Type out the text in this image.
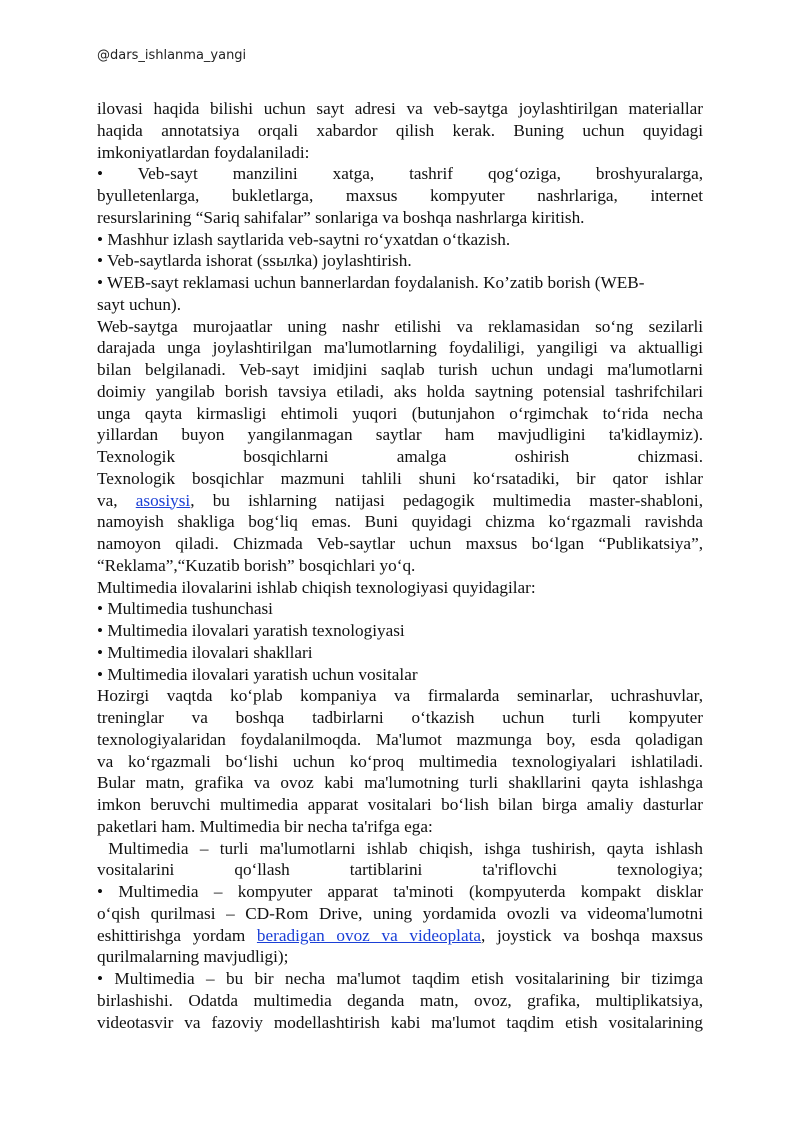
@dars_ishlanma_yangi

ilovasi haqida bilishi uchun sayt adresi va veb-saytga joylashtirilgan materiallar

haqida annotatsiya orqali xabardor qilish kerak. Buning uchun quyidagi

imkoniyatlardan foydalaniladi:

• Veb-sayt manzilini xatga, tashrif qog‘oziga, broshyuralarga,

byulletenlarga, bukletlarga, maxsus kompyuter nashrlariga, internet

resurslarining “Sariq sahifalar” sonlariga va boshqa nashrlarga kiritish.

• Mashhur izlash saytlarida veb-saytni ro‘yxatdan o‘tkazish.

• Veb-saytlarda ishorat (ssылka) joylashtirish.

• WEB-sayt reklamasi uchun bannerlardan foydalanish. Ko’zatib borish (WEB-

sayt uchun).

Web-saytga murojaatlar uning nashr etilishi va reklamasidan so‘ng sezilarli

darajada unga joylashtirilgan ma'lumotlarning foydaliligi, yangiligi va aktualligi

bilan belgilanadi. Veb-sayt imidjini saqlab turish uchun undagi ma'lumotlarni

doimiy yangilab borish tavsiya etiladi, aks holda saytning potensial tashrifchilari

unga qayta kirmasligi ehtimoli yuqori (butunjahon o‘rgimchak to‘rida necha

yillardan buyon yangilanmagan saytlar ham mavjudligini ta'kidlaymiz).

Texnologik bosqichlarni amalga oshirish chizmasi.

Texnologik bosqichlar mazmuni tahlili shuni ko‘rsatadiki, bir qator ishlar

va, asosiysi, bu ishlarning natijasi pedagogik multimedia master-shabloni,

namoyish shakliga bog‘liq emas. Buni quyidagi chizma ko‘rgazmali ravishda

namoyon qiladi. Chizmada Veb-saytlar uchun maxsus bo‘lgan “Publikatsiya”,

“Reklama”,“Kuzatib borish” bosqichlari yo‘q.

Multimedia ilovalarini ishlab chiqish texnologiyasi quyidagilar:

• Multimedia tushunchasi

• Multimedia ilovalari yaratish texnologiyasi

• Multimedia ilovalari shakllari

• Multimedia ilovalari yaratish uchun vositalar

Hozirgi vaqtda ko‘plab kompaniya va firmalarda seminarlar, uchrashuvlar,

treninglar va boshqa tadbirlarni o‘tkazish uchun turli kompyuter

texnologiyalaridan foydalanilmoqda. Ma'lumot mazmunga boy, esda qoladigan

va ko‘rgazmali bo‘lishi uchun ko‘proq multimedia texnologiyalari ishlatiladi.

Bular matn, grafika va ovoz kabi ma'lumotning turli shakllarini qayta ishlashga

imkon beruvchi multimedia apparat vositalari bo‘lish bilan birga amaliy dasturlar

paketlari ham. Multimedia bir necha ta'rifga ega:

Multimedia – turli ma'lumotlarni ishlab chiqish, ishga tushirish, qayta ishlash

vositalarini qo‘llash tartiblarini ta'riflovchi texnologiya;

• Multimedia – kompyuter apparat ta'minoti (kompyuterda kompakt disklar

o‘qish qurilmasi – CD-Rom Drive, uning yordamida ovozli va videoma'lumotni

eshittirishga yordam beradigan ovoz va videoplata, joystick va boshqa maxsus

qurilmalarning mavjudligi);

• Multimedia – bu bir necha ma'lumot taqdim etish vositalarining bir tizimga

birlashishi. Odatda multimedia deganda matn, ovoz, grafika, multiplikatsiya,

videotasvir va fazoviy modellashtirish kabi ma'lumot taqdim etish vositalarining
